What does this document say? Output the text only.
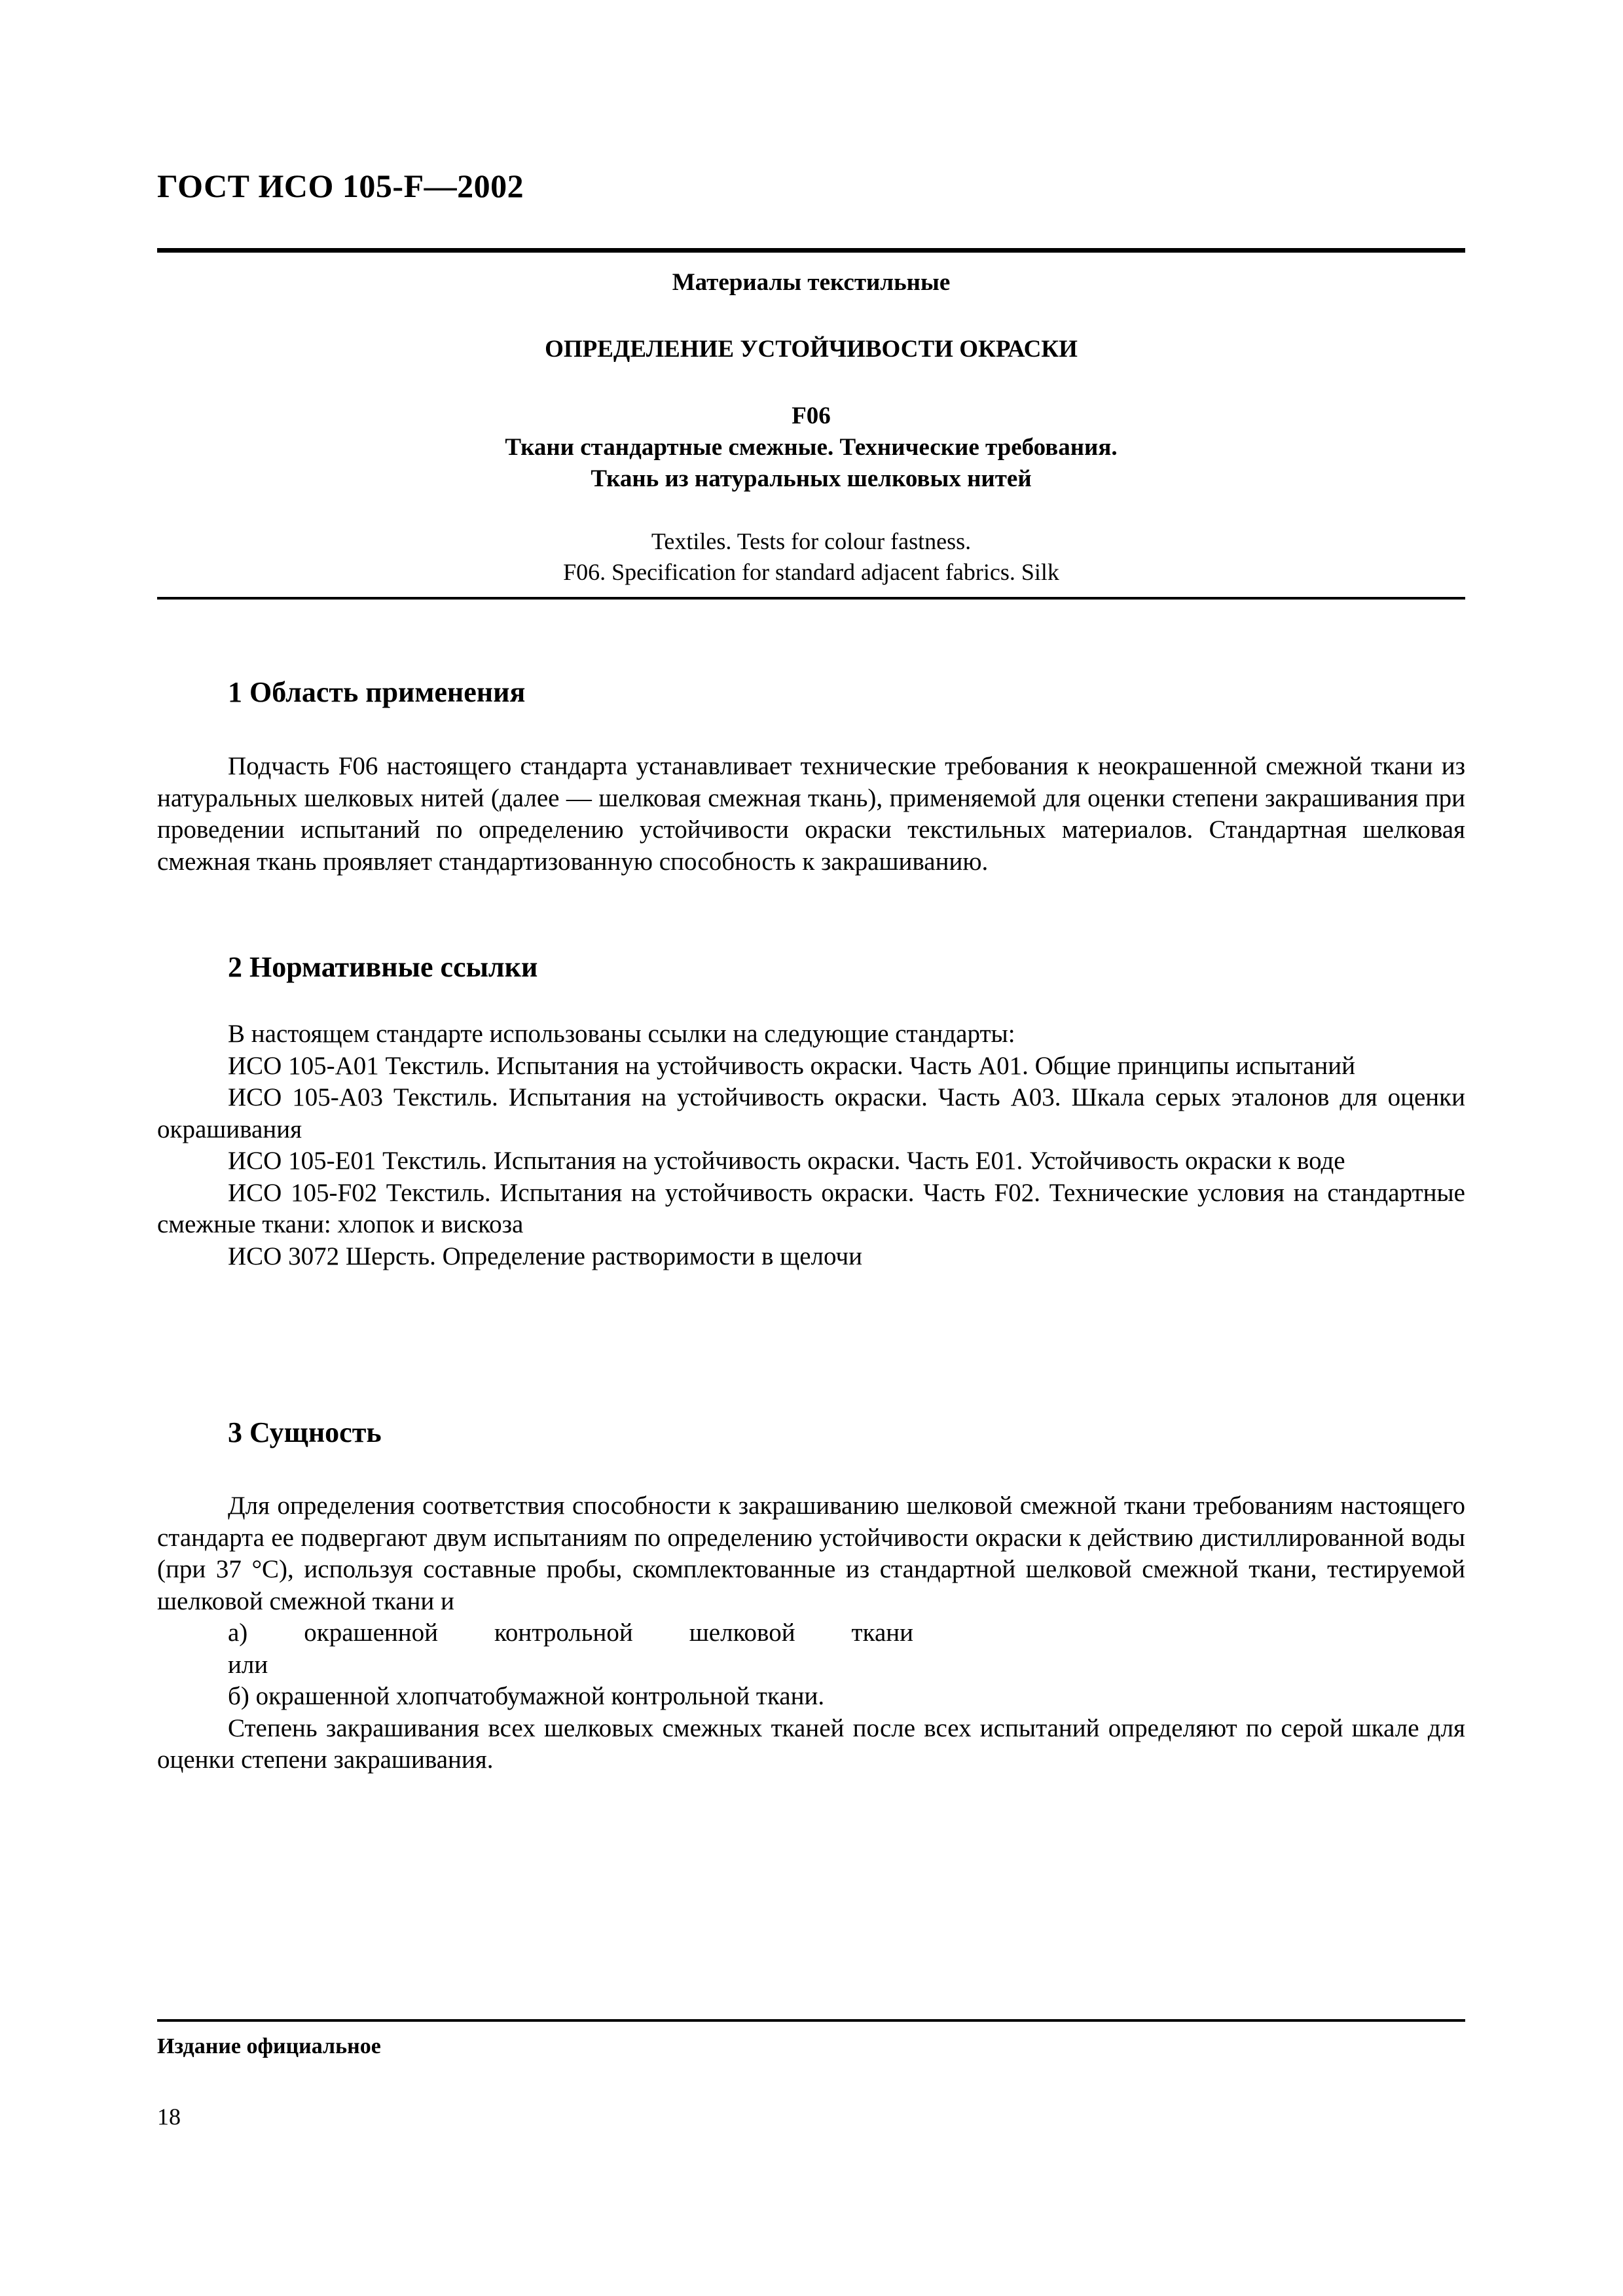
ГОСТ ИСО 105-F—2002
Материалы текстильные
ОПРЕДЕЛЕНИЕ УСТОЙЧИВОСТИ ОКРАСКИ
F06
Ткани стандартные смежные. Технические требования.
Ткань из натуральных шелковых нитей
Textiles. Tests for colour fastness.
F06. Specification for standard adjacent fabrics. Silk
1 Область применения

Подчасть F06 настоящего стандарта устанавливает технические требования к неокрашенной смежной ткани из натуральных шелковых нитей (далее — шелковая смежная ткань), применяемой для оценки степени закрашивания при проведении испытаний по определению устойчивости окраски текстильных материалов. Стандартная шелковая смежная ткань проявляет стандартизованную способность к закрашиванию.

2 Нормативные ссылки

В настоящем стандарте использованы ссылки на следующие стандарты:

ИСО 105-A01 Текстиль. Испытания на устойчивость окраски. Часть A01. Общие принципы испытаний

ИСО 105-A03 Текстиль. Испытания на устойчивость окраски. Часть A03. Шкала серых эталонов для оценки окрашивания

ИСО 105-E01 Текстиль. Испытания на устойчивость окраски. Часть E01. Устойчивость окраски к воде

ИСО 105-F02 Текстиль. Испытания на устойчивость окраски. Часть F02. Технические условия на стандартные смежные ткани: хлопок и вискоза

ИСО 3072 Шерсть. Определение растворимости в щелочи

3 Сущность

Для определения соответствия способности к закрашиванию шелковой смежной ткани требованиям настоящего стандарта ее подвергают двум испытаниям по определению устойчивости окраски к действию дистиллированной воды (при 37 °С), используя составные пробы, скомплектованные из стандартной шелковой смежной ткани, тестируемой шелковой смежной ткани и

а) окрашенной контрольной шелковой ткани

или

б) окрашенной хлопчатобумажной контрольной ткани.

Степень закрашивания всех шелковых смежных тканей после всех испытаний определяют по серой шкале для оценки степени закрашивания.

Издание официальное
18
